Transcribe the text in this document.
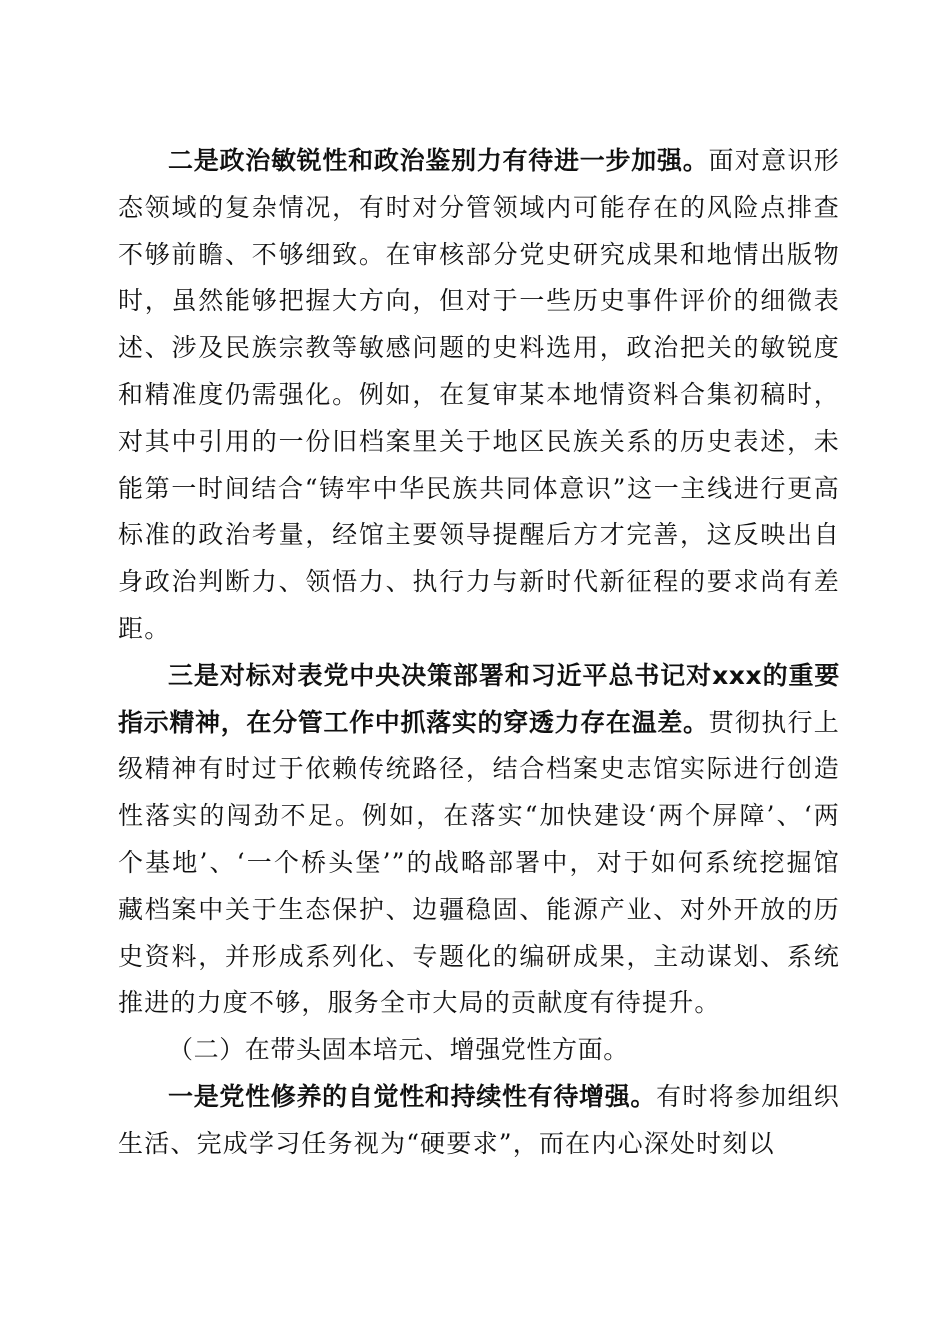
二是政治敏锐性和政治鉴别力有待进一步加强。面对意识形态领域的复杂情况，有时对分管领域内可能存在的风险点排查不够前瞻、不够细致。在审核部分党史研究成果和地情出版物时，虽然能够把握大方向，但对于一些历史事件评价的细微表述、涉及民族宗教等敏感问题的史料选用，政治把关的敏锐度和精准度仍需强化。例如，在复审某本地情资料合集初稿时，对其中引用的一份旧档案里关于地区民族关系的历史表述，未能第一时间结合“铸牢中华民族共同体意识”这一主线进行更高标准的政治考量，经馆主要领导提醒后方才完善，这反映出自身政治判断力、领悟力、执行力与新时代新征程的要求尚有差距。

三是对标对表党中央决策部署和习近平总书记对xxx的重要指示精神，在分管工作中抓落实的穿透力存在温差。贯彻执行上级精神有时过于依赖传统路径，结合档案史志馆实际进行创造性落实的闯劲不足。例如，在落实“加快建设‘两个屏障’、‘两个基地’、‘一个桥头堡’”的战略部署中，对于如何系统挖掘馆藏档案中关于生态保护、边疆稳固、能源产业、对外开放的历史资料，并形成系列化、专题化的编研成果，主动谋划、系统推进的力度不够，服务全市大局的贡献度有待提升。

（二）在带头固本培元、增强党性方面。

一是党性修养的自觉性和持续性有待增强。有时将参加组织生活、完成学习任务视为“硬要求”，而在内心深处时刻以
